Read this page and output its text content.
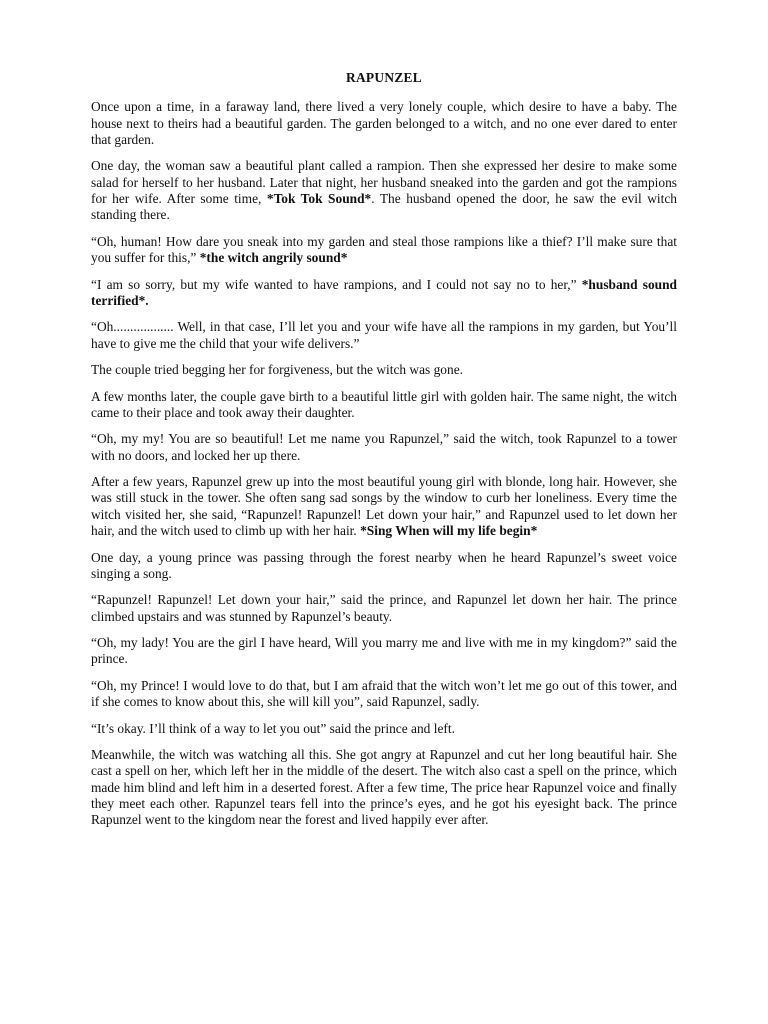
RAPUNZEL

Once upon a time, in a faraway land, there lived a very lonely couple, which desire to have a baby. The house next to theirs had a beautiful garden. The garden belonged to a witch, and no one ever dared to enter that garden.

One day, the woman saw a beautiful plant called a rampion. Then she expressed her desire to make some salad for herself to her husband. Later that night, her husband sneaked into the garden and got the rampions for her wife. After some time, *Tok Tok Sound*. The husband opened the door, he saw the evil witch standing there.

“Oh, human! How dare you sneak into my garden and steal those rampions like a thief? I’ll make sure that you suffer for this,” *the witch angrily sound*

“I am so sorry, but my wife wanted to have rampions, and I could not say no to her,” *husband sound terrified*.

“Oh.................. Well, in that case, I’ll let you and your wife have all the rampions in my garden, but You’ll have to give me the child that your wife delivers.”

The couple tried begging her for forgiveness, but the witch was gone.

A few months later, the couple gave birth to a beautiful little girl with golden hair. The same night, the witch came to their place and took away their daughter.

“Oh, my my! You are so beautiful! Let me name you Rapunzel,” said the witch, took Rapunzel to a tower with no doors, and locked her up there.

After a few years, Rapunzel grew up into the most beautiful young girl with blonde, long hair. However, she was still stuck in the tower. She often sang sad songs by the window to curb her loneliness. Every time the witch visited her, she said, “Rapunzel! Rapunzel! Let down your hair,” and Rapunzel used to let down her hair, and the witch used to climb up with her hair. *Sing When will my life begin*

One day, a young prince was passing through the forest nearby when he heard Rapunzel’s sweet voice singing a song.

“Rapunzel! Rapunzel! Let down your hair,” said the prince, and Rapunzel let down her hair. The prince climbed upstairs and was stunned by Rapunzel’s beauty.

“Oh, my lady! You are the girl I have heard, Will you marry me and live with me in my kingdom?” said the prince.

“Oh, my Prince! I would love to do that, but I am afraid that the witch won’t let me go out of this tower, and if she comes to know about this, she will kill you”, said Rapunzel, sadly.

“It’s okay. I’ll think of a way to let you out” said the prince and left.

Meanwhile, the witch was watching all this. She got angry at Rapunzel and cut her long beautiful hair. She cast a spell on her, which left her in the middle of the desert. The witch also cast a spell on the prince, which made him blind and left him in a deserted forest. After a few time, The price hear Rapunzel voice and finally they meet each other. Rapunzel tears fell into the prince’s eyes, and he got his eyesight back. The prince Rapunzel went to the kingdom near the forest and lived happily ever after.
